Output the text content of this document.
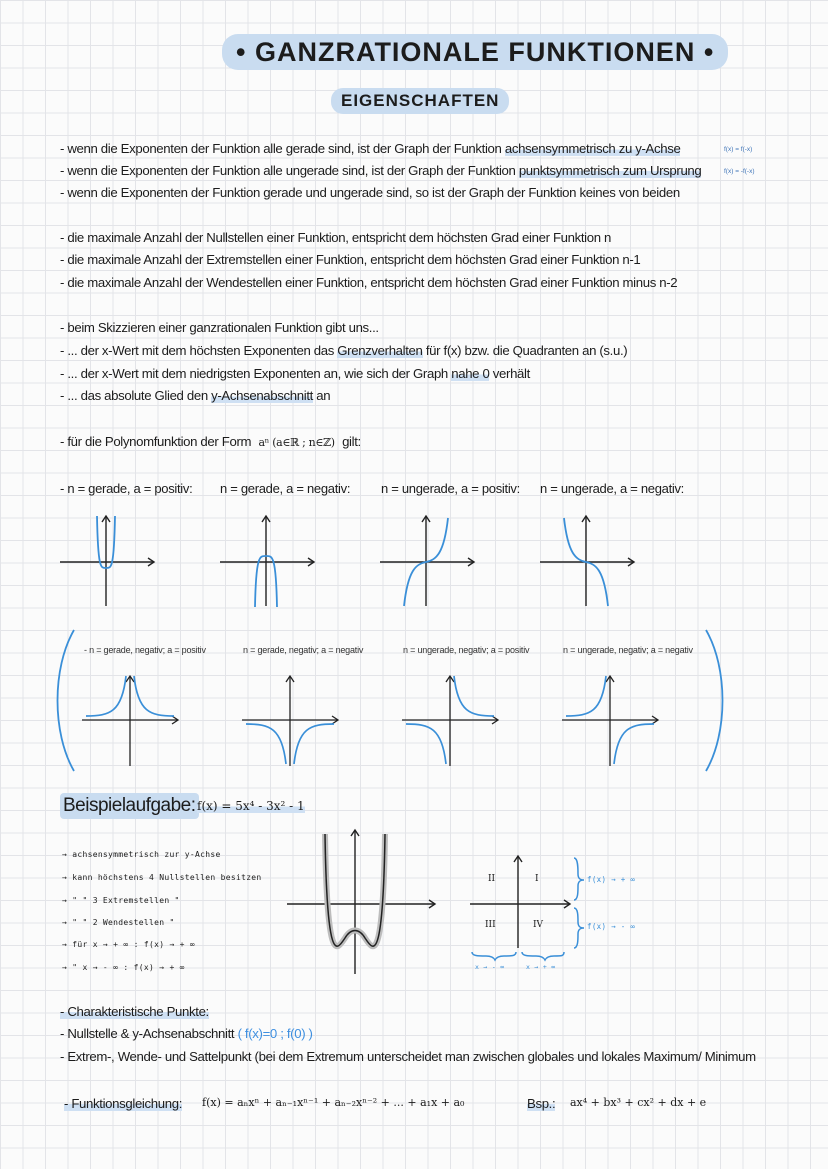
• GANZRATIONALE FUNKTIONEN •
EIGENSCHAFTEN
- wenn die Exponenten der Funktion alle gerade sind, ist der Graph der Funktion achsensymmetrisch zu y-Achse	f(x) = f(-x)
- wenn die Exponenten der Funktion alle ungerade sind, ist der Graph der Funktion punktsymmetrisch zum Ursprung	f(x) = -f(-x)
- wenn die Exponenten der Funktion gerade und ungerade sind, so ist der Graph der Funktion keines von beiden
- die maximale Anzahl der Nullstellen einer Funktion, entspricht dem höchsten Grad einer Funktion n
- die maximale Anzahl der Extremstellen einer Funktion, entspricht dem höchsten Grad einer Funktion n-1
- die maximale Anzahl der Wendestellen einer Funktion, entspricht dem höchsten Grad einer Funktion minus n-2
- beim Skizzieren einer ganzrationalen Funktion gibt uns...
- ... der x-Wert mit dem höchsten Exponenten das Grenzverhalten für f(x) bzw. die Quadranten an (s.u.)
- ... der x-Wert mit dem niedrigsten Exponenten an, wie sich der Graph nahe 0 verhält
- ... das absolute Glied den y-Achsenabschnitt an
- für die Polynomfunktion der Form aⁿ (a∈ℝ ; n∈ℤ) gilt:
- n = gerade, a = positiv: n = gerade, a = negativ: n = ungerade, a = positiv: n = ungerade, a = negativ:
- n = gerade, negativ; a = positiv	n = gerade, negativ; a = negativ	n = ungerade, negativ; a = positiv	n = ungerade, negativ; a = negativ
Beispielaufgabe: f(x) = 5x⁴ - 3x² - 1
→ achsensymmetrisch zur y-Achse
→ kann höchstens 4 Nullstellen besitzen
→ " " 3 Extremstellen "
→ " " 2 Wendestellen "
→ für x → + ∞ : f(x) → + ∞
→ " x → - ∞ : f(x) → + ∞
II	I
III	IV
f(x) → + ∞
f(x) → - ∞
x → - ∞	x → + ∞
- Charakteristische Punkte:
- Nullstelle & y-Achsenabschnitt ( f(x)=0 ; f(0) )
- Extrem-, Wende- und Sattelpunkt (bei dem Extremum unterscheidet man zwischen globales und lokales Maximum/ Minimum
- Funktionsgleichung: f(x) = aₙxⁿ + aₙ₋₁xⁿ⁻¹ + aₙ₋₂xⁿ⁻² + ... + a₁x + a₀	Bsp.: ax⁴ + bx³ + cx² + dx + e
